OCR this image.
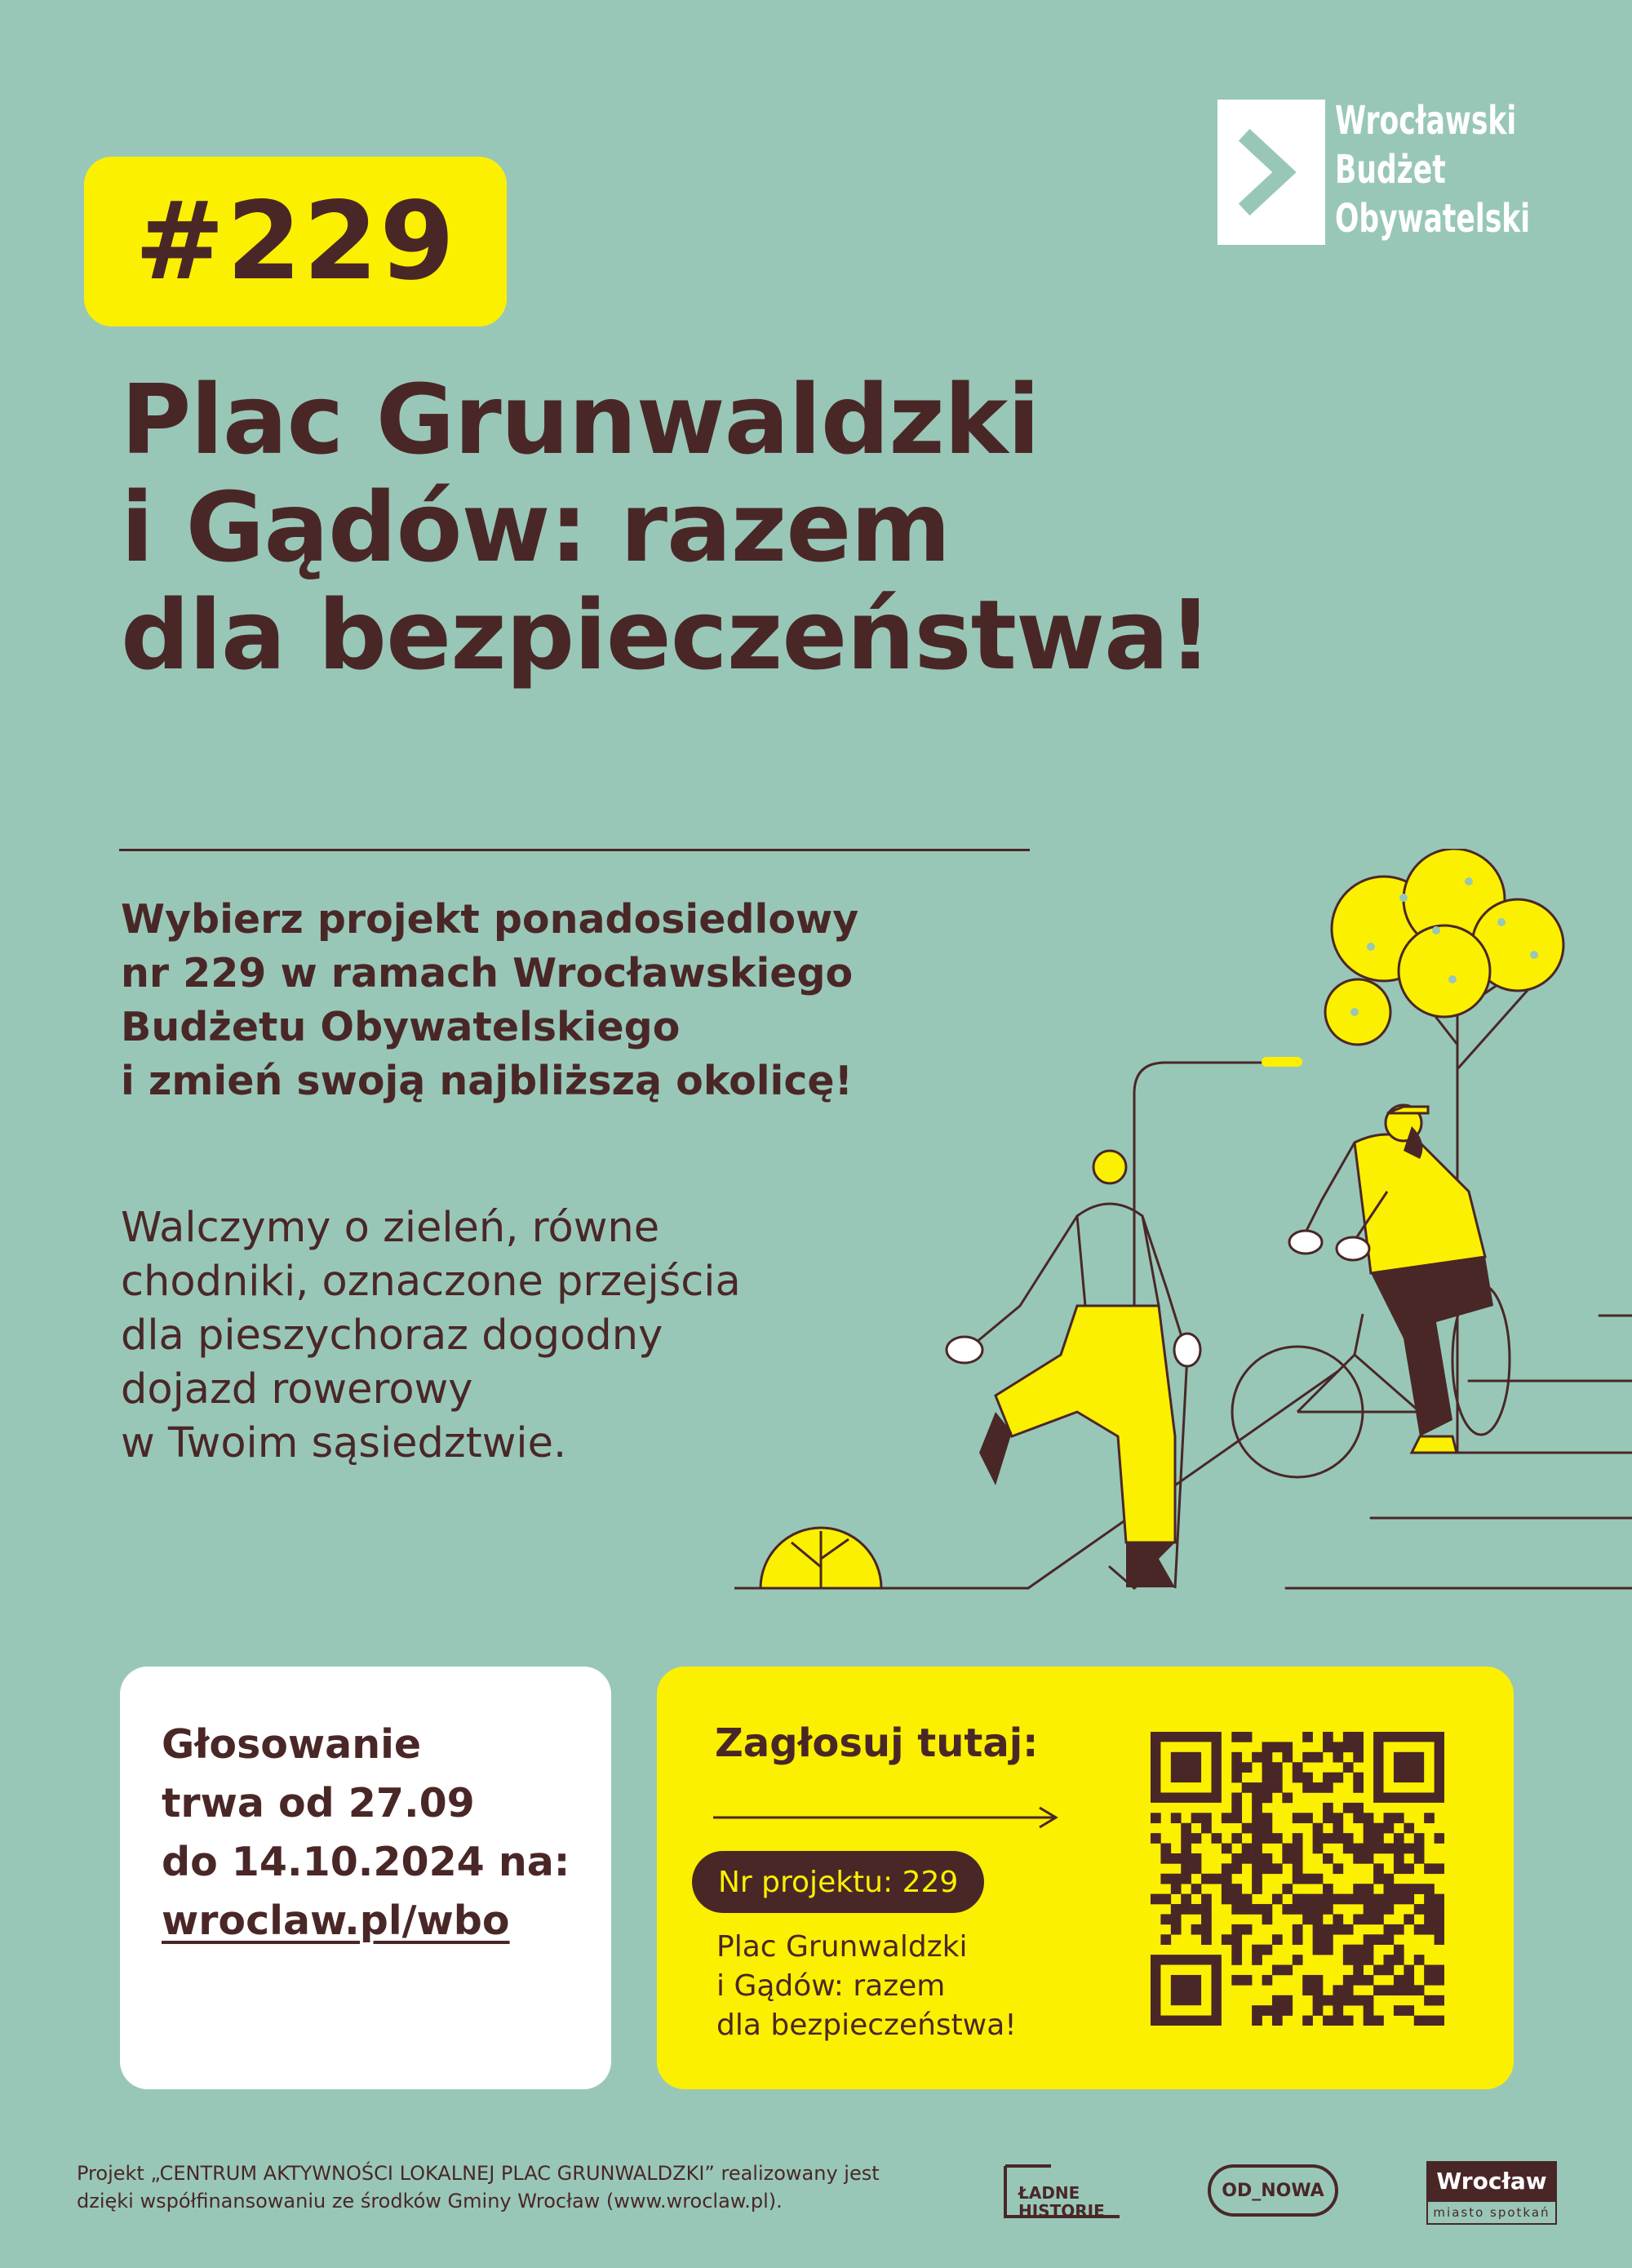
#229
Wrocławski
Budżet
Obywatelski
Plac Grunwaldzki
i Gądów: razem
dla bezpieczeństwa!
Wybierz projekt ponadosiedlowy
nr 229 w ramach Wrocławskiego
Budżetu Obywatelskiego
i zmień swoją najbliższą okolicę!
Walczymy o zieleń, równe
chodniki, oznaczone przejścia
dla pieszychoraz dogodny
dojazd rowerowy
w Twoim sąsiedztwie.
Głosowanie
trwa od 27.09
do 14.10.2024 na:
wroclaw.pl/wbo
Zagłosuj tutaj:
Nr projektu: 229
Plac Grunwaldzki
i Gądów: razem
dla bezpieczeństwa!
Projekt „CENTRUM AKTYWNOŚCI LOKALNEJ PLAC GRUNWALDZKI” realizowany jest
dzięki współfinansowaniu ze środków Gminy Wrocław (www.wroclaw.pl).	ŁADNE
HISTORIE
OD_NOWA	Wrocław
miasto spotkań
